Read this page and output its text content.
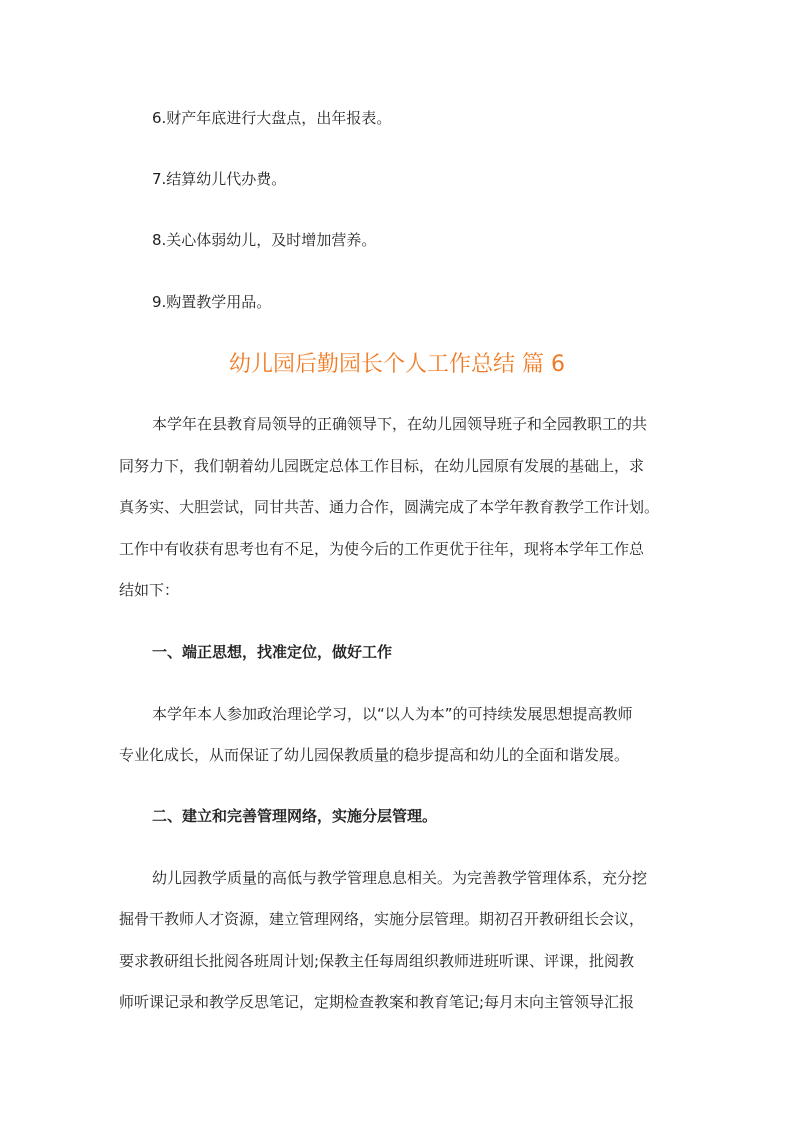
6.财产年底进行大盘点，出年报表。
7.结算幼儿代办费。
8.关心体弱幼儿，及时增加营养。
9.购置教学用品。
幼儿园后勤园长个人工作总结 篇 6
本学年在县教育局领导的正确领导下，在幼儿园领导班子和全园教职工的共
同努力下，我们朝着幼儿园既定总体工作目标，在幼儿园原有发展的基础上，求
真务实、大胆尝试，同甘共苦、通力合作，圆满完成了本学年教育教学工作计划。
工作中有收获有思考也有不足，为使今后的工作更优于往年，现将本学年工作总
结如下：
一、端正思想，找准定位，做好工作
本学年本人参加政治理论学习，以“以人为本”的可持续发展思想提高教师
专业化成长，从而保证了幼儿园保教质量的稳步提高和幼儿的全面和谐发展。
二、建立和完善管理网络，实施分层管理。
幼儿园教学质量的高低与教学管理息息相关。为完善教学管理体系，充分挖
掘骨干教师人才资源，建立管理网络，实施分层管理。期初召开教研组长会议，
要求教研组长批阅各班周计划;保教主任每周组织教师进班听课、评课，批阅教
师听课记录和教学反思笔记，定期检查教案和教育笔记;每月末向主管领导汇报
